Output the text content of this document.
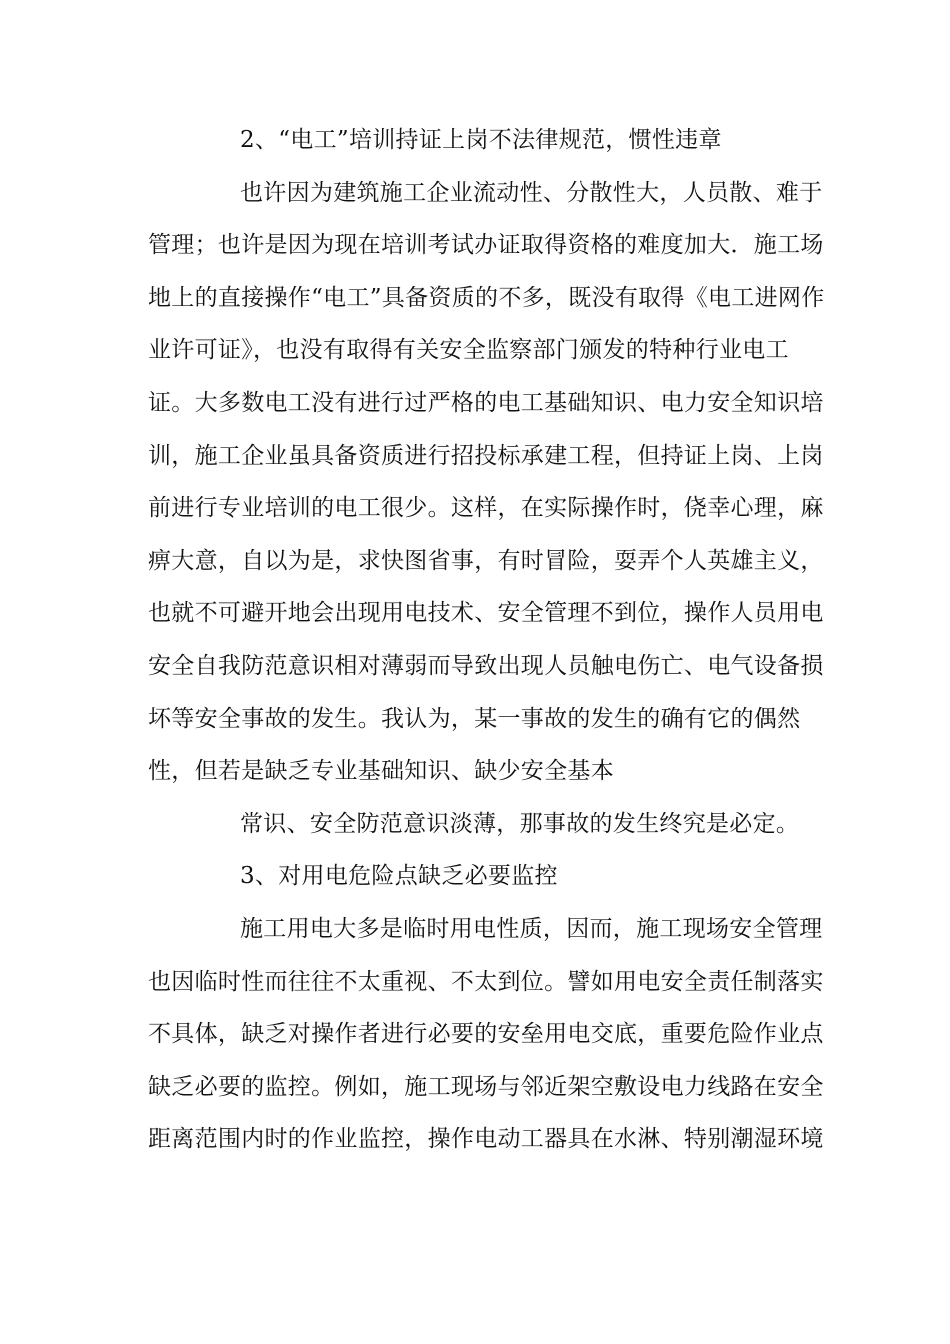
2、“电工”培训持证上岗不法律规范，惯性违章
也许因为建筑施工企业流动性、分散性大，人员散、难于
管理；也许是因为现在培训考试办证取得资格的难度加大．施工场
地上的直接操作“电工”具备资质的不多，既没有取得《电工进网作
业许可证》，也没有取得有关安全监察部门颁发的特种行业电工
证。大多数电工没有进行过严格的电工基础知识、电力安全知识培
训，施工企业虽具备资质进行招投标承建工程，但持证上岗、上岗
前进行专业培训的电工很少。这样，在实际操作时，侥幸心理，麻
痹大意，自以为是，求快图省事，有时冒险，耍弄个人英雄主义，
也就不可避开地会出现用电技术、安全管理不到位，操作人员用电
安全自我防范意识相对薄弱而导致出现人员触电伤亡、电气设备损
坏等安全事故的发生。我认为，某一事故的发生的确有它的偶然
性，但若是缺乏专业基础知识、缺少安全基本
常识、安全防范意识淡薄，那事故的发生终究是必定。
3、对用电危险点缺乏必要监控
施工用电大多是临时用电性质，因而，施工现场安全管理
也因临时性而往往不太重视、不太到位。譬如用电安全责任制落实
不具体，缺乏对操作者进行必要的安垒用电交底，重要危险作业点
缺乏必要的监控。例如，施工现场与邻近架空敷设电力线路在安全
距离范围内时的作业监控，操作电动工器具在水淋、特别潮湿环境
